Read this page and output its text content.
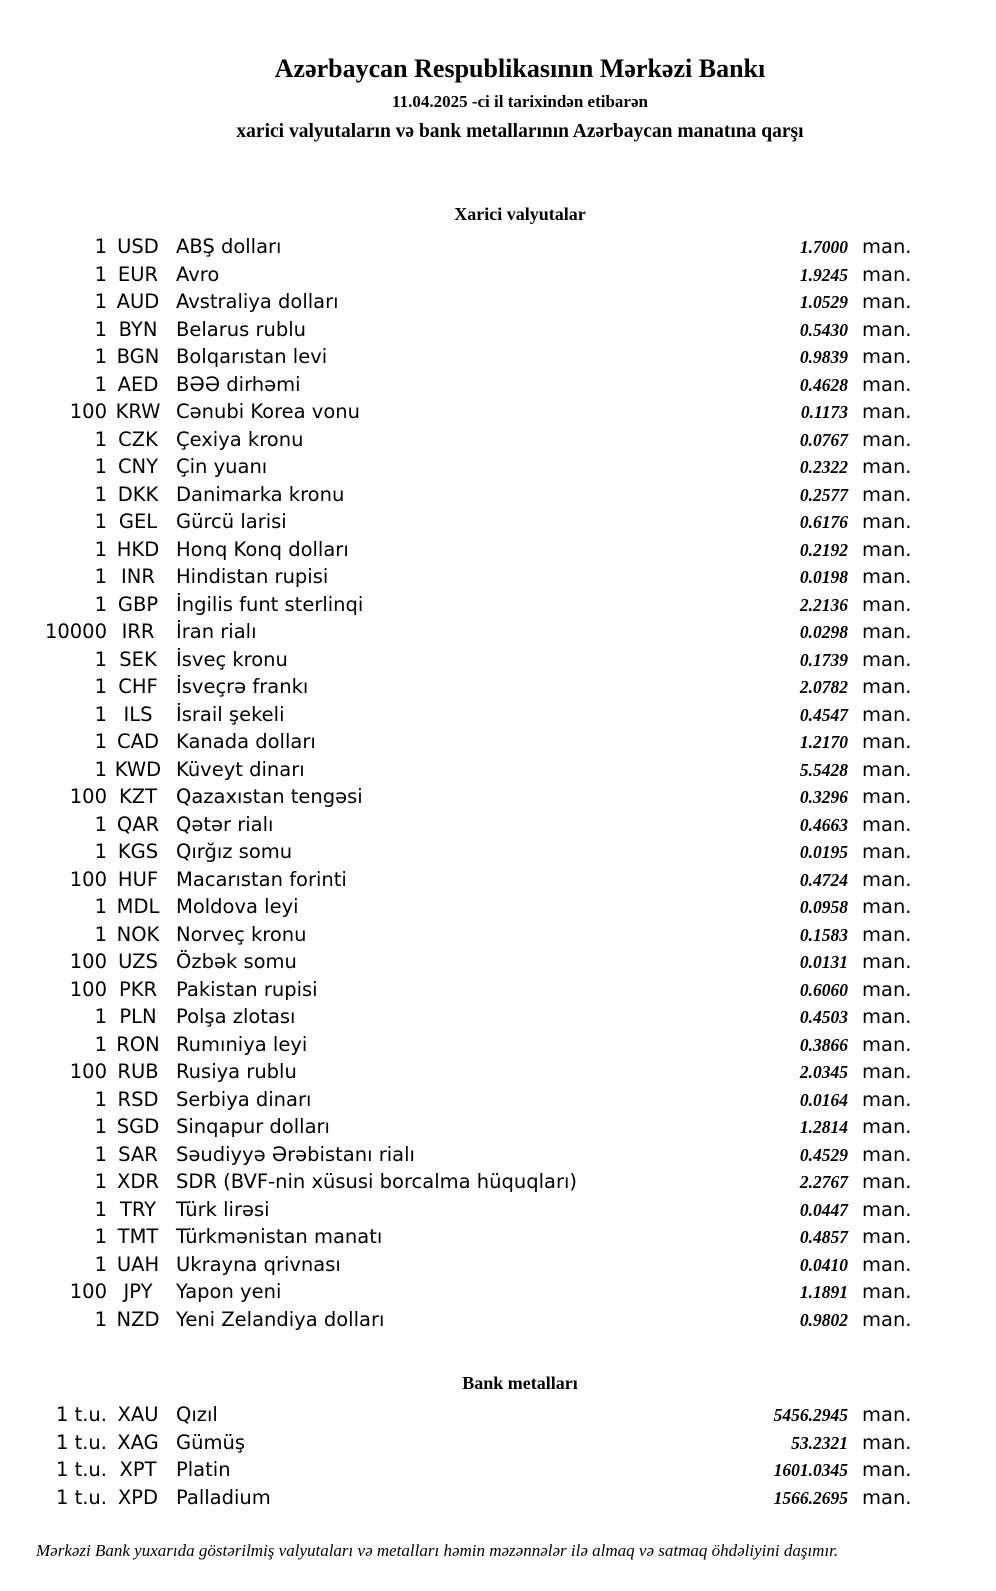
Azərbaycan Respublikasının Mərkəzi Bankı
11.04.2025 -ci il tarixindən etibarən
xarici valyutaların və bank metallarının Azərbaycan manatına qarşı
Xarici valyutalar
1 USD ABŞ dolları	1.7000 man.
1 EUR Avro	1.9245 man.
1 AUD Avstraliya dolları	1.0529 man.
1 BYN Belarus rublu	0.5430 man.
1 BGN Bolqarıstan levi	0.9839 man.
1 AED BƏƏ dirhəmi	0.4628 man.
100 KRW Cənubi Korea vonu	0.1173 man.
1 CZK Çexiya kronu	0.0767 man.
1 CNY Çin yuanı	0.2322 man.
1 DKK Danimarka kronu	0.2577 man.
1 GEL Gürcü larisi	0.6176 man.
1 HKD Honq Konq dolları	0.2192 man.
1 INR	Hindistan rupisi	0.0198 man.
1 GBP İngilis funt sterlinqi	2.2136 man.
10000 IRR	İran rialı	0.0298 man.
1 SEK İsveç kronu	0.1739 man.
1 CHF İsveçrə frankı	2.0782 man.
1 ILS	İsrail şekeli	0.4547 man.
1 CAD Kanada dolları	1.2170 man.
1 KWD Küveyt dinarı	5.5428 man.
100 KZT Qazaxıstan tengəsi	0.3296 man.
1 QAR Qətər rialı	0.4663 man.
1 KGS Qırğız somu	0.0195 man.
100 HUF Macarıstan forinti	0.4724 man.
1 MDL Moldova leyi	0.0958 man.
1 NOK Norveç kronu	0.1583 man.
100 UZS Özbək somu	0.0131 man.
100 PKR Pakistan rupisi	0.6060 man.
1 PLN Polşa zlotası	0.4503 man.
1 RON Rumıniya leyi	0.3866 man.
100 RUB Rusiya rublu	2.0345 man.
1 RSD Serbiya dinarı	0.0164 man.
1 SGD Sinqapur dolları	1.2814 man.
1 SAR Səudiyyə Ərəbistanı rialı	0.4529 man.
1 XDR SDR (BVF-nin xüsusi borcalma hüquqları)	2.2767 man.
1 TRY	Türk lirəsi	0.0447 man.
1 TMT Türkmənistan manatı	0.4857 man.
1 UAH Ukrayna qrivnası	0.0410 man.
100 JPY	Yapon yeni	1.1891 man.
1 NZD Yeni Zelandiya dolları	0.9802 man.
Bank metalları
1 t.u. XAU Qızıl	5456.2945 man.
1 t.u. XAG Gümüş	53.2321 man.
1 t.u. XPT Platin	1601.0345 man.
1 t.u. XPD Palladium	1566.2695 man.
Mərkəzi Bank yuxarıda göstərilmiş valyutaları və metalları həmin məzənnələr ilə almaq və satmaq öhdəliyini daşımır.
